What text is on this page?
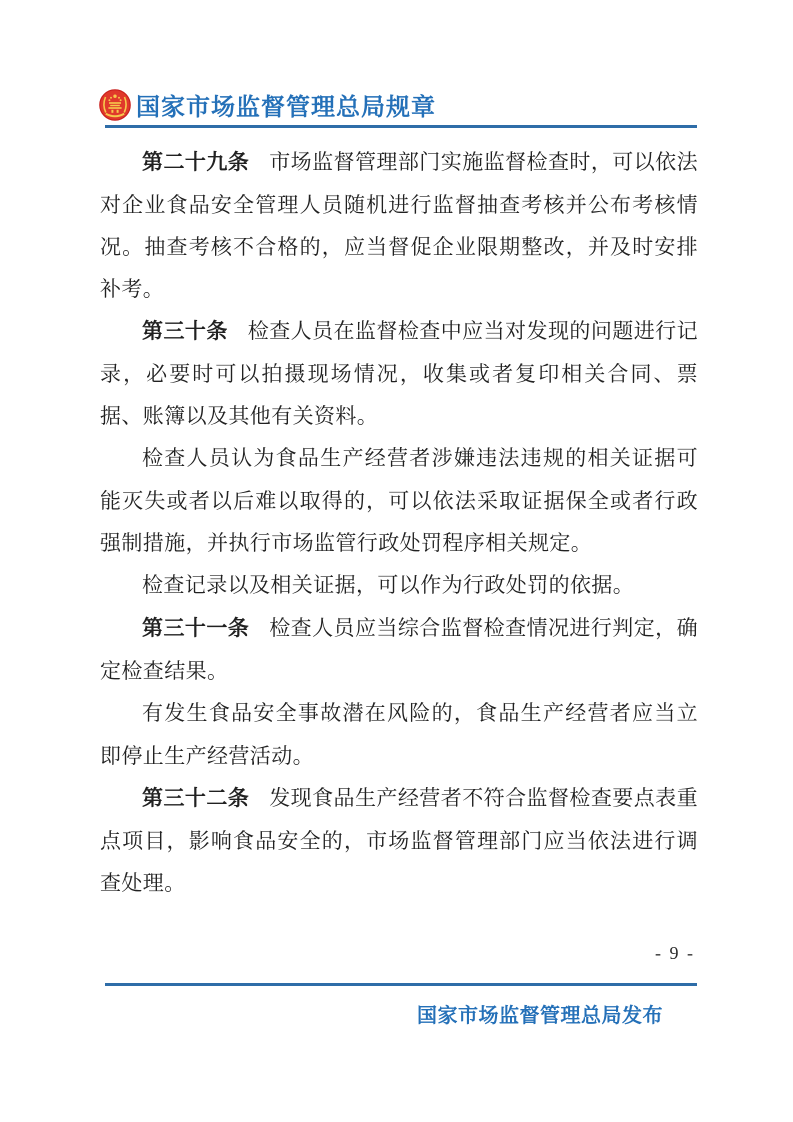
国家市场监督管理总局规章

第二十九条 市场监督管理部门实施监督检查时，可以依法对企业食品安全管理人员随机进行监督抽查考核并公布考核情况。抽查考核不合格的，应当督促企业限期整改，并及时安排补考。

第三十条 检查人员在监督检查中应当对发现的问题进行记录，必要时可以拍摄现场情况，收集或者复印相关合同、票据、账簿以及其他有关资料。

检查人员认为食品生产经营者涉嫌违法违规的相关证据可能灭失或者以后难以取得的，可以依法采取证据保全或者行政强制措施，并执行市场监管行政处罚程序相关规定。

检查记录以及相关证据，可以作为行政处罚的依据。

第三十一条 检查人员应当综合监督检查情况进行判定，确定检查结果。

有发生食品安全事故潜在风险的，食品生产经营者应当立即停止生产经营活动。

第三十二条 发现食品生产经营者不符合监督检查要点表重点项目，影响食品安全的，市场监督管理部门应当依法进行调查处理。

- 9 -
国家市场监督管理总局发布
